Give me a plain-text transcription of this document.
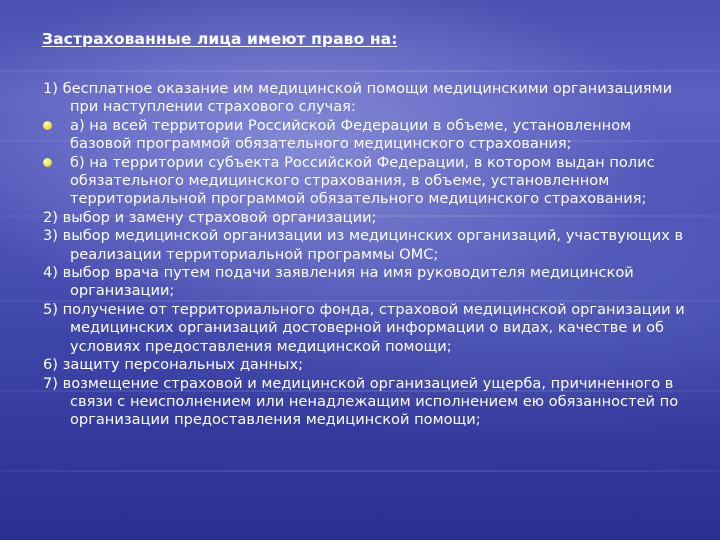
Застрахованные лица имеют право на:

1) бесплатное оказание им медицинской помощи медицинскими организациями при наступлении страхового случая:

а) на всей территории Российской Федерации в объеме, установленном базовой программой обязательного медицинского страхования;
б) на территории субъекта Российской Федерации, в котором выдан полис обязательного медицинского страхования, в объеме, установленном территориальной программой обязательного медицинского страхования;

2) выбор и замену страховой организации;

3) выбор медицинской организации из медицинских организаций, участвующих в реализации территориальной программы ОМС;

4) выбор врача путем подачи заявления на имя руководителя медицинской организации;

5) получение от территориального фонда, страховой медицинской организации и медицинских организаций достоверной информации о видах, качестве и об условиях предоставления медицинской помощи;

6) защиту персональных данных;

7) возмещение страховой и медицинской организацией ущерба, причиненного в связи с неисполнением или ненадлежащим исполнением ею обязанностей по организации предоставления медицинской помощи;
